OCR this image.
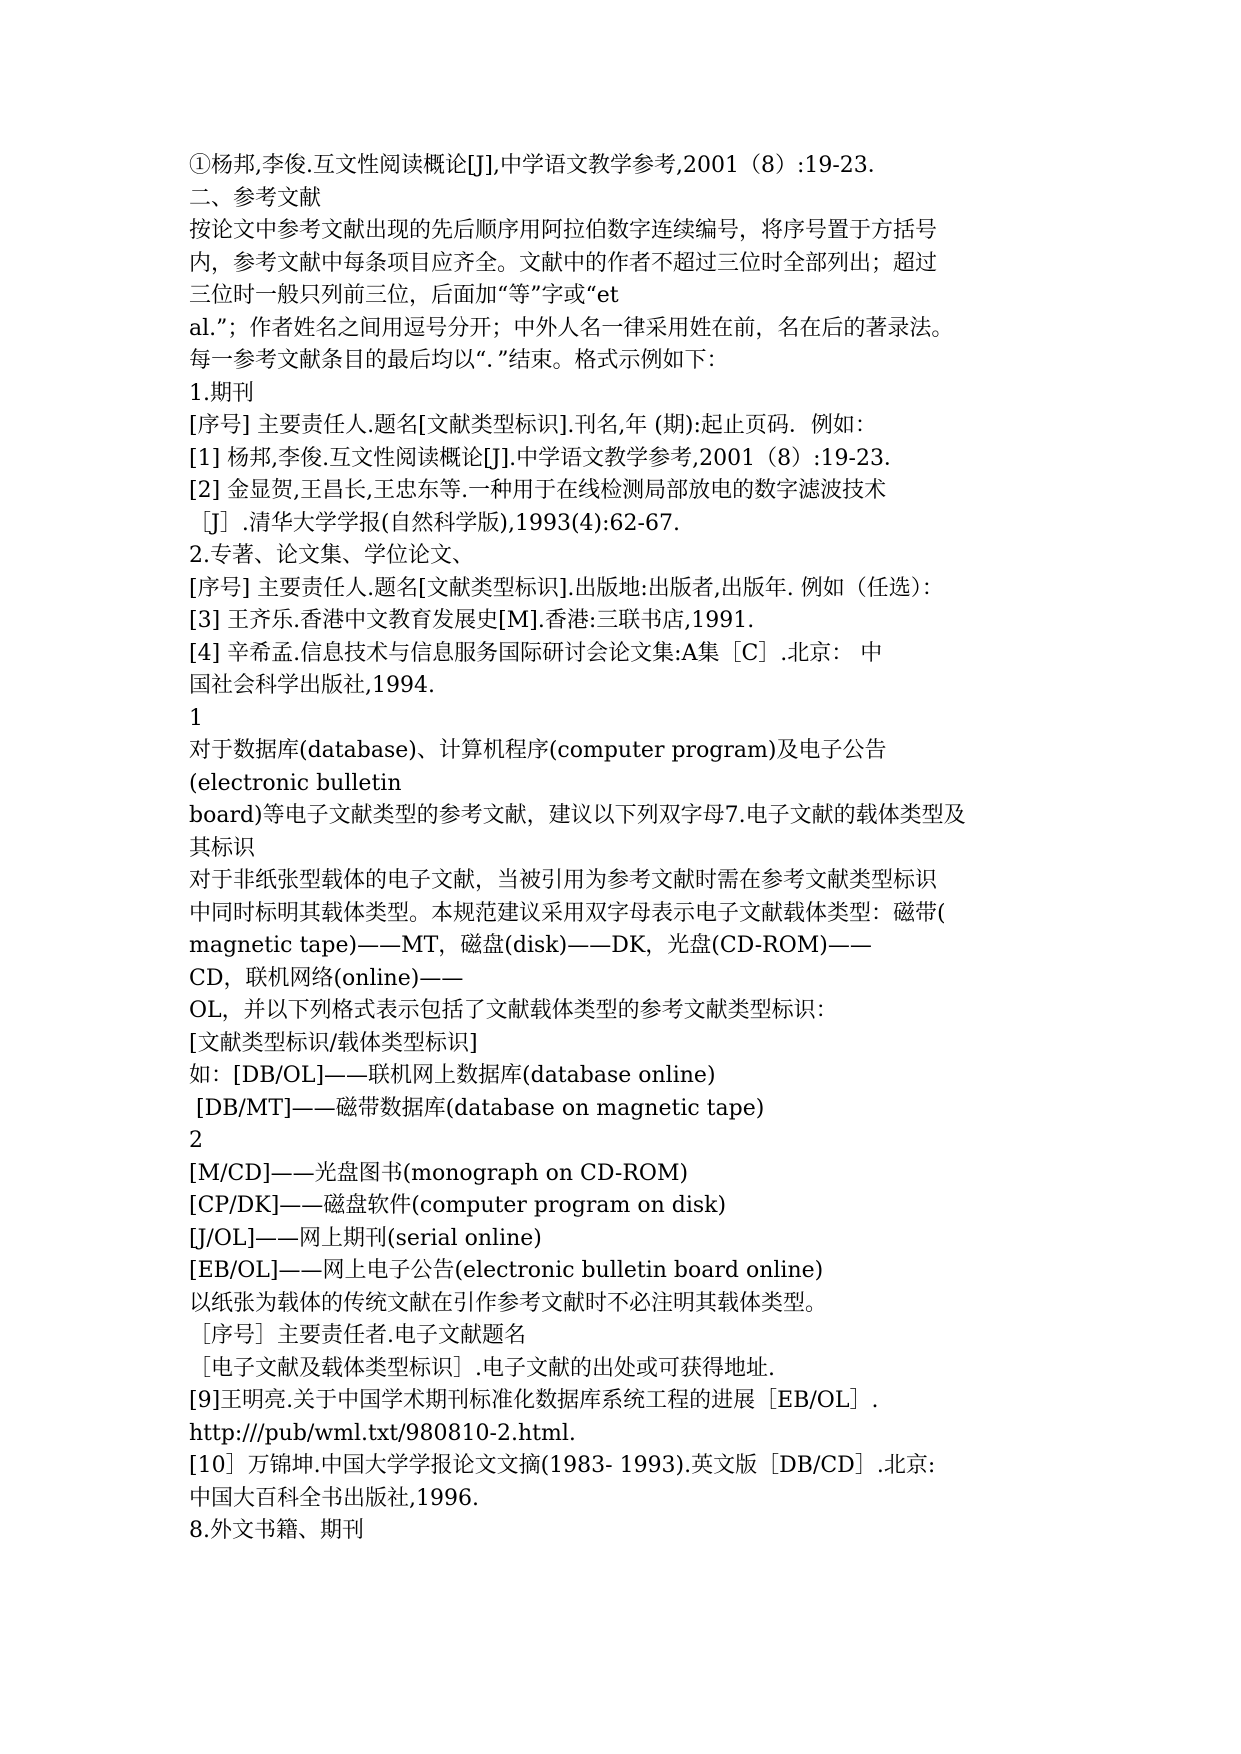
①杨邦,李俊.互文性阅读概论[J],中学语文教学参考,2001（8）:19-23．
二、参考文献
按论文中参考文献出现的先后顺序用阿拉伯数字连续编号，将序号置于方括号
内，参考文献中每条项目应齐全。文献中的作者不超过三位时全部列出；超过
三位时一般只列前三位，后面加“等”字或“et
al.”；作者姓名之间用逗号分开；中外人名一律采用姓在前，名在后的著录法。
每一参考文献条目的最后均以“．”结束。格式示例如下：
1.期刊
[序号] 主要责任人.题名[文献类型标识].刊名,年 (期):起止页码．例如：
[1] 杨邦,李俊.互文性阅读概论[J].中学语文教学参考,2001（8）:19-23．
[2] 金显贺,王昌长,王忠东等.一种用于在线检测局部放电的数字滤波技术
［J］.清华大学学报(自然科学版),1993(4):62-67.
2.专著、论文集、学位论文、
[序号] 主要责任人.题名[文献类型标识].出版地:出版者,出版年. 例如（任选）：
[3] 王齐乐.香港中文教育发展史[M].香港:三联书店,1991.
[4] 辛希孟.信息技术与信息服务国际研讨会论文集:A集［C］.北京： 中
国社会科学出版社,1994.
1
对于数据库(database)、计算机程序(computer program)及电子公告
(electronic bulletin
board)等电子文献类型的参考文献，建议以下列双字母7.电子文献的载体类型及
其标识
对于非纸张型载体的电子文献，当被引用为参考文献时需在参考文献类型标识
中同时标明其载体类型。本规范建议采用双字母表示电子文献载体类型：磁带(
magnetic tape)——MT，磁盘(disk)——DK，光盘(CD-ROM)——
CD，联机网络(online)——
OL，并以下列格式表示包括了文献载体类型的参考文献类型标识：
[文献类型标识/载体类型标识]
如：[DB/OL]——联机网上数据库(database online)
[DB/MT]——磁带数据库(database on magnetic tape)
2
[M/CD]——光盘图书(monograph on CD-ROM)
[CP/DK]——磁盘软件(computer program on disk)
[J/OL]——网上期刊(serial online)
[EB/OL]——网上电子公告(electronic bulletin board online)
以纸张为载体的传统文献在引作参考文献时不必注明其载体类型。
［序号］主要责任者.电子文献题名
［电子文献及载体类型标识］.电子文献的出处或可获得地址.
[9]王明亮.关于中国学术期刊标准化数据库系统工程的进展［EB/OL］.
http:///pub/wml.txt/980810-2.html.
[10］万锦坤.中国大学学报论文文摘(1983- 1993).英文版［DB/CD］.北京:
中国大百科全书出版社,1996.
8.外文书籍、期刊
